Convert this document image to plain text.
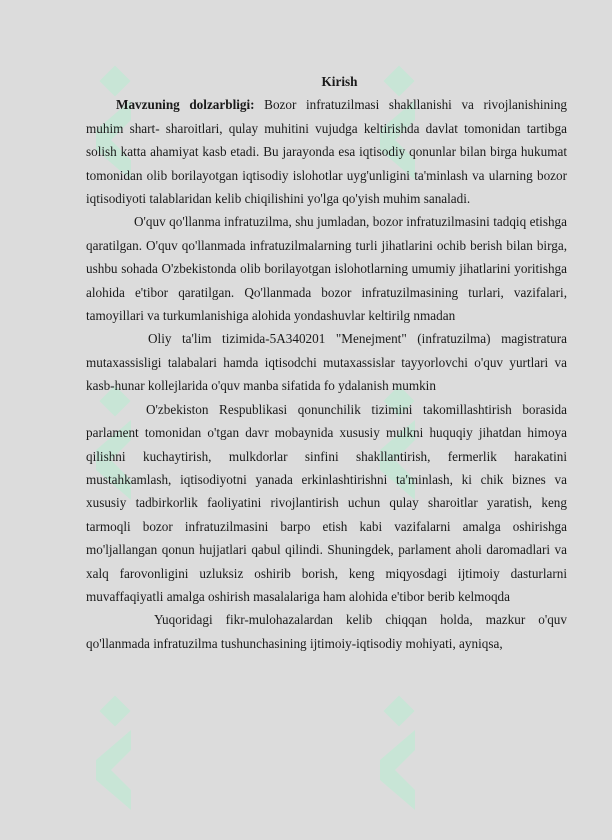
Kirish

Mavzuning dolzarbligi: Bozor infratuzilmasi shakllanishi va rivojlanishining muhim shart- sharoitlari, qulay muhitini vujudga keltirishda davlat tomonidan tartibga solish katta ahamiyat kasb etadi. Bu jarayonda esa iqtisodiy qonunlar bilan birga hukumat tomonidan olib borilayotgan iqtisodiy islohotlar uyg'unligini ta'minlash va ularning bozor iqtisodiyoti talablaridan kelib chiqilishini yo'lga qo'yish muhim sanaladi.

O'quv qo'llanma infratuzilma, shu jumladan, bozor infratuzilmasini tadqiq etishga qaratilgan. O'quv qo'llanmada infratuzilmalarning turli jihatlarini ochib berish bilan birga, ushbu sohada O'zbekistonda olib borilayotgan islohotlarning umumiy jihatlarini yoritishga alohida e'tibor qaratilgan. Qo'llanmada bozor infratuzilmasining turlari, vazifalari, tamoyillari va turkumlanishiga alohida yondashuvlar keltirilg nmadan

Oliy ta'lim tizimida-5A340201 "Menejment" (infratuzilma) magistratura mutaxassisligi talabalari hamda iqtisodchi mutaxassislar tayyorlovchi o'quv yurtlari va kasb-hunar kollejlarida o'quv manba sifatida fo ydalanish mumkin

O'zbekiston Respublikasi qonunchilik tizimini takomillashtirish borasida parlament tomonidan o'tgan davr mobaynida xususiy mulkni huquqiy jihatdan himoya qilishni kuchaytirish, mulkdorlar sinfini shakllantirish, fermerlik harakatini mustahkamlash, iqtisodiyotni yanada erkinlashtirishni ta'minlash, ki chik biznes va xususiy tadbirkorlik faoliyatini rivojlantirish uchun qulay sharoitlar yaratish, keng tarmoqli bozor infratuzilmasini barpo etish kabi vazifalarni amalga oshirishga mo'ljallangan qonun hujjatlari qabul qilindi. Shuningdek, parlament aholi daromadlari va xalq farovonligini uzluksiz oshirib borish, keng miqyosdagi ijtimoiy dasturlarni muvaffaqiyatli amalga oshirish masalalariga ham alohida e'tibor berib kelmoqda

Yuqoridagi fikr-mulohazalardan kelib chiqqan holda, mazkur o'quv qo'llanmada infratuzilma tushunchasining ijtimoiy-iqtisodiy mohiyati, ayniqsa,
